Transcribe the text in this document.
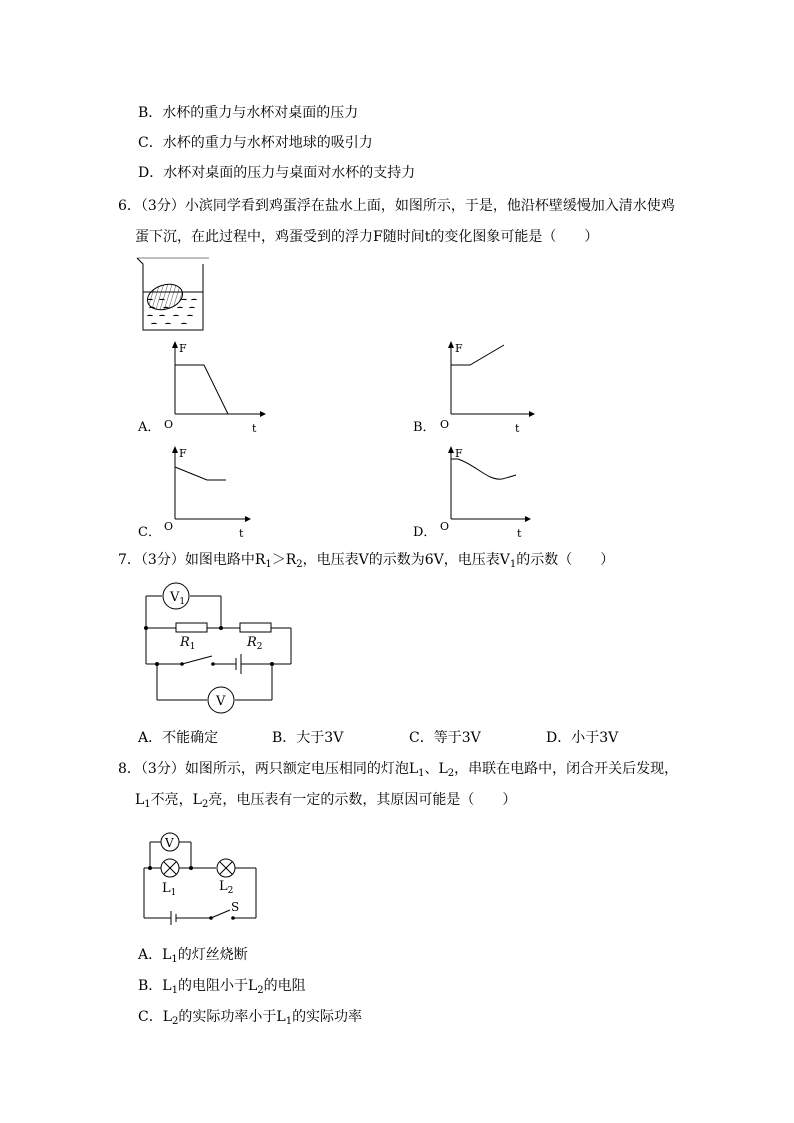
B．水杯的重力与水杯对桌面的压力
C．水杯的重力与水杯对地球的吸引力
D．水杯对桌面的压力与桌面对水杯的支持力
6．（3分）小滨同学看到鸡蛋浮在盐水上面，如图所示，于是，他沿杯壁缓慢加入清水使鸡
蛋下沉，在此过程中，鸡蛋受到的浮力F随时间t的变化图象可能是（　　）
A．
F
O	t	B．
F
O	t
C．
F
O
t	D．
F
O
t
7．（3分）如图电路中$R_1>R_2$，电压表V的示数为6V，电压表$V_1$的示数（　　）
$V_1$
$R_1$	$R_2$
V
A．不能确定	B．大于3V	C．等于3V	D．小于3V
8．（3分）如图所示，两只额定电压相同的灯泡$L_1$、$L_2$，串联在电路中，闭合开关后发现，
$L_1$不亮，$L_2$亮，电压表有一定的示数，其原因可能是（　　）
V
$L_1$	$L_2$
S
A．$L_1$的灯丝烧断
B．$L_1$的电阻小于$L_2$的电阻
C．$L_2$的实际功率小于$L_1$的实际功率
